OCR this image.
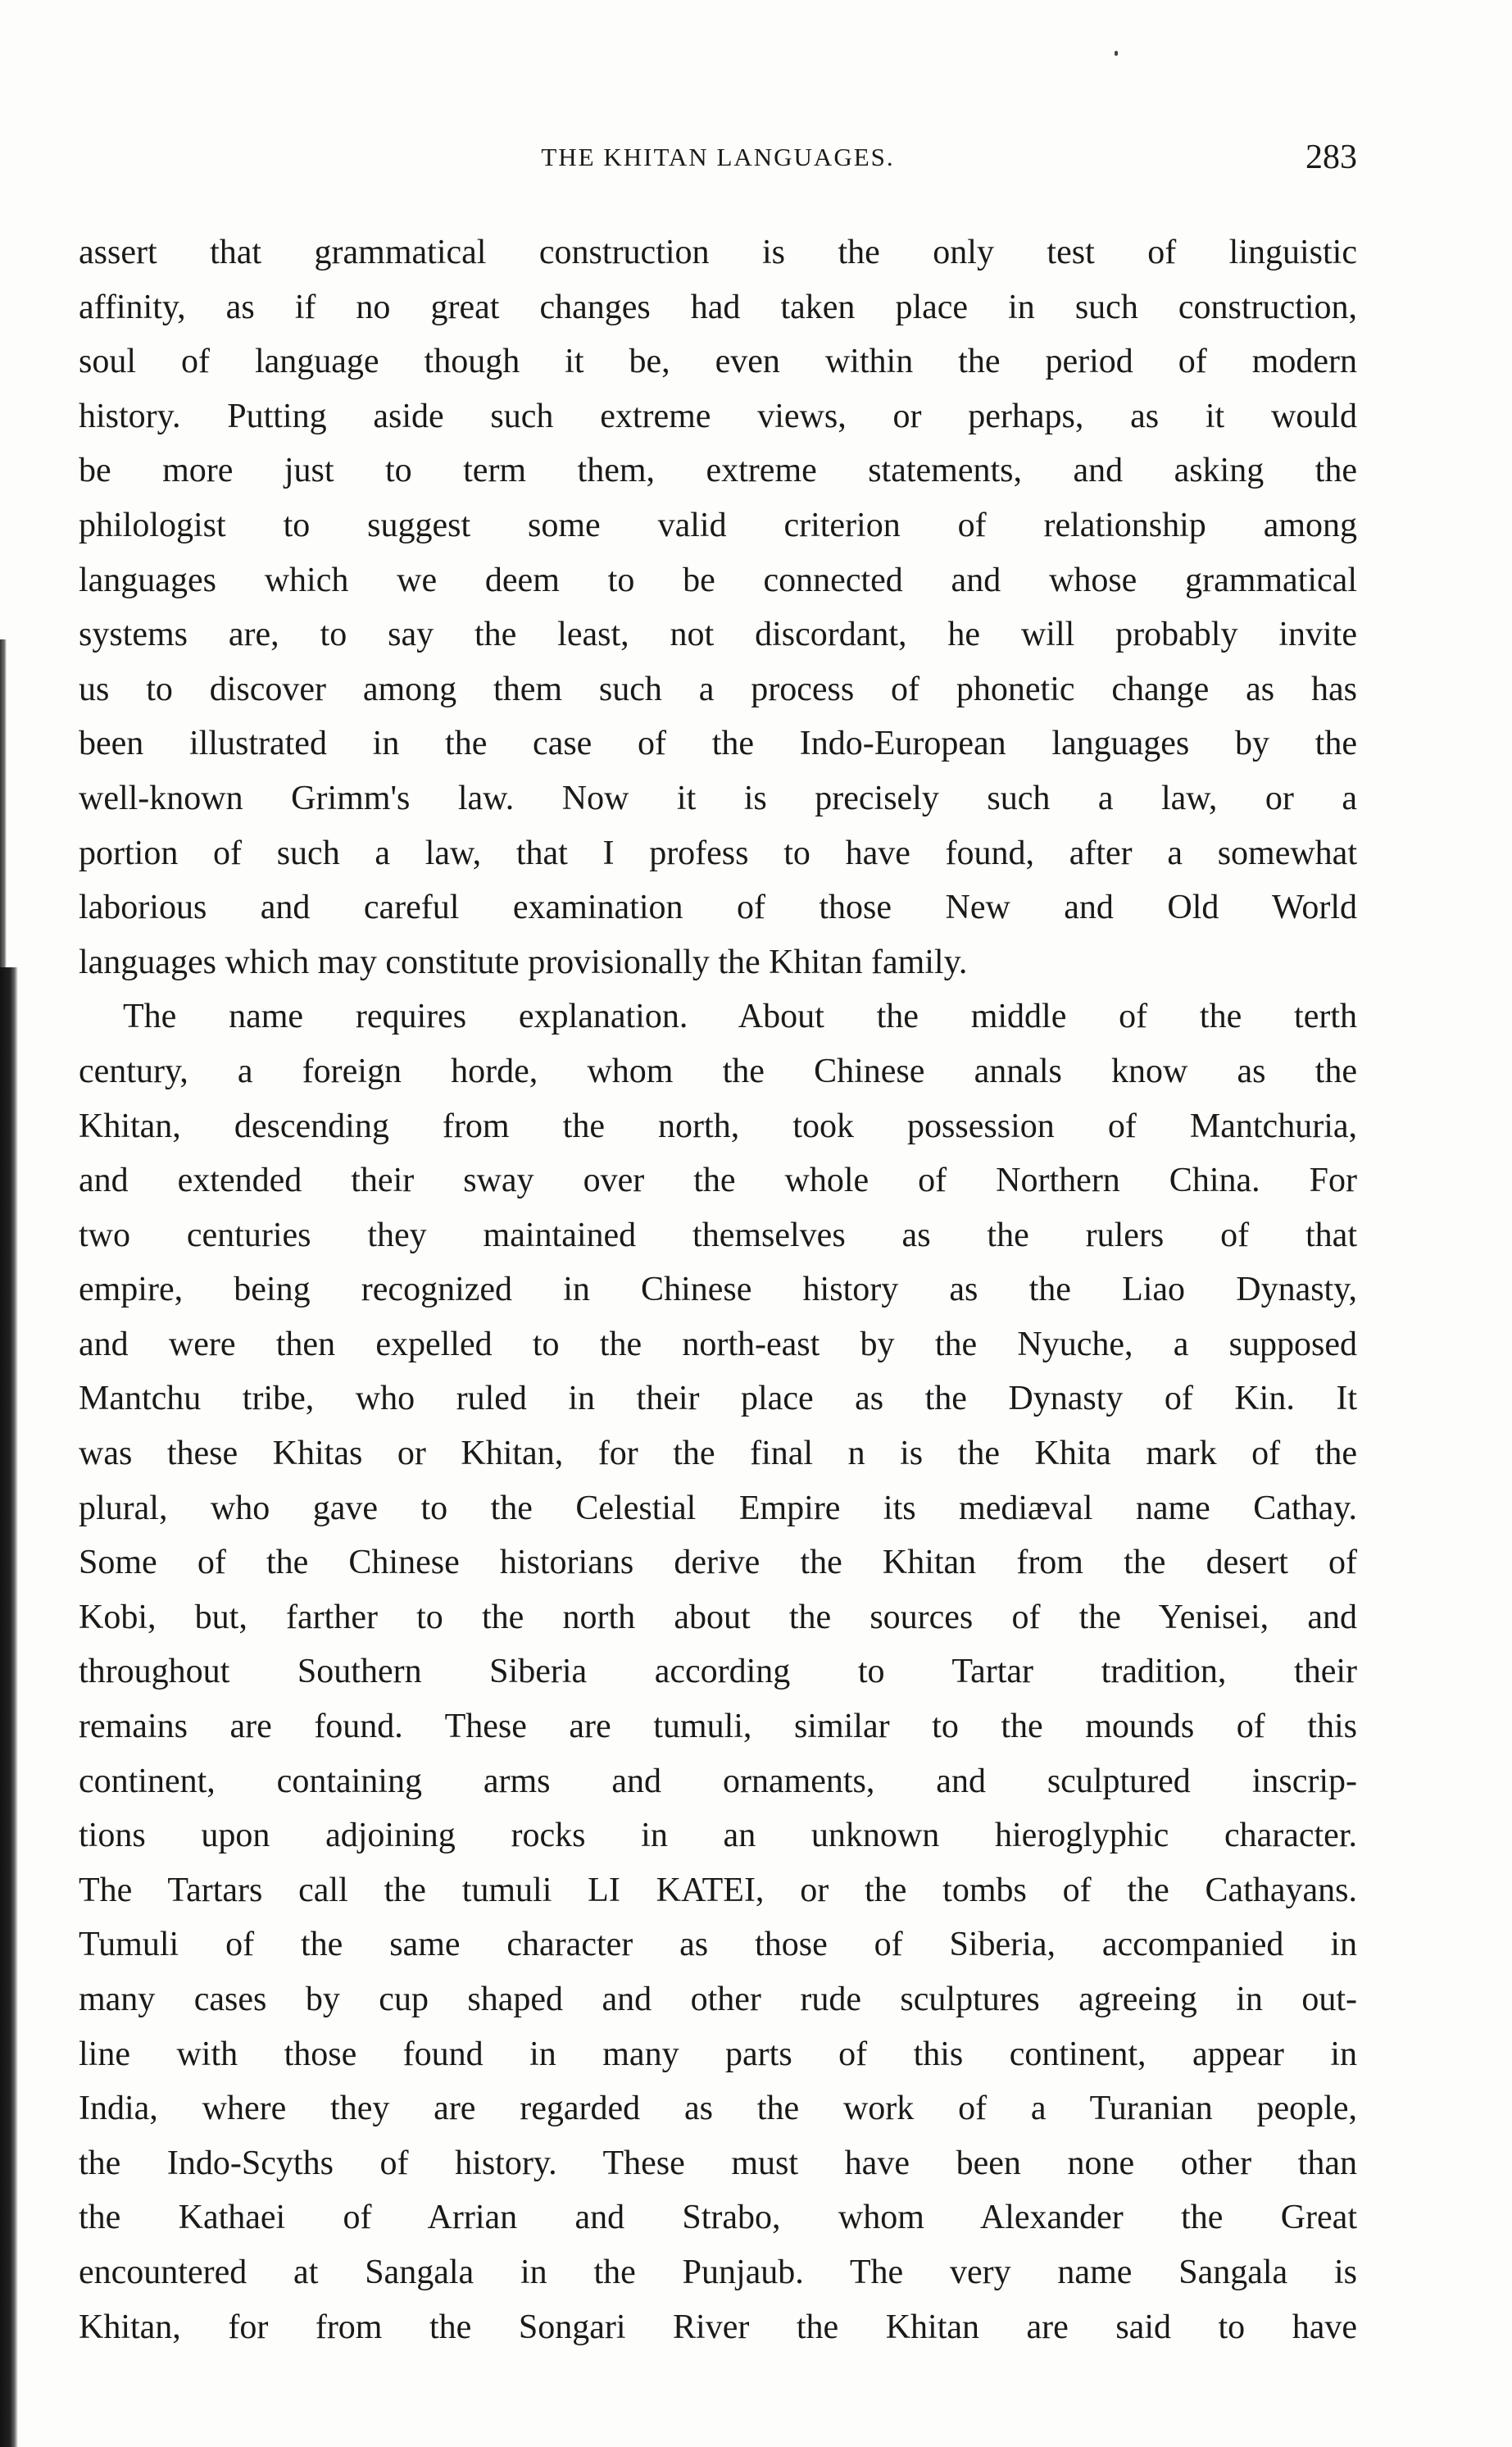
THE KHITAN LANGUAGES.	283
assert that grammatical construction is the only test of linguistic
affinity, as if no great changes had taken place in such construction,
soul of language though it be, even within the period of modern
history. Putting aside such extreme views, or perhaps, as it would
be more just to term them, extreme statements, and asking the
philologist to suggest some valid criterion of relationship among
languages which we deem to be connected and whose grammatical
systems are, to say the least, not discordant, he will probably invite
us to discover among them such a process of phonetic change as has
been illustrated in the case of the Indo-European languages by the
well-known Grimm's law. Now it is precisely such a law, or a
portion of such a law, that I profess to have found, after a somewhat
laborious and careful examination of those New and Old World
languages which may constitute provisionally the Khitan family.
The name requires explanation. About the middle of the terth
century, a foreign horde, whom the Chinese annals know as the
Khitan, descending from the north, took possession of Mantchuria,
and extended their sway over the whole of Northern China. For
two centuries they maintained themselves as the rulers of that
empire, being recognized in Chinese history as the Liao Dynasty,
and were then expelled to the north-east by the Nyuche, a supposed
Mantchu tribe, who ruled in their place as the Dynasty of Kin. It
was these Khitas or Khitan, for the final n is the Khita mark of the
plural, who gave to the Celestial Empire its mediæval name Cathay.
Some of the Chinese historians derive the Khitan from the desert of
Kobi, but, farther to the north about the sources of the Yenisei, and
throughout Southern Siberia according to Tartar tradition, their
remains are found. These are tumuli, similar to the mounds of this
continent, containing arms and ornaments, and sculptured inscrip-
tions upon adjoining rocks in an unknown hieroglyphic character.
The Tartars call the tumuli LI KATEI, or the tombs of the Cathayans.
Tumuli of the same character as those of Siberia, accompanied in
many cases by cup shaped and other rude sculptures agreeing in out-
line with those found in many parts of this continent, appear in
India, where they are regarded as the work of a Turanian people,
the Indo-Scyths of history. These must have been none other than
the Kathaei of Arrian and Strabo, whom Alexander the Great
encountered at Sangala in the Punjaub. The very name Sangala is
Khitan, for from the Songari River the Khitan are said to have
